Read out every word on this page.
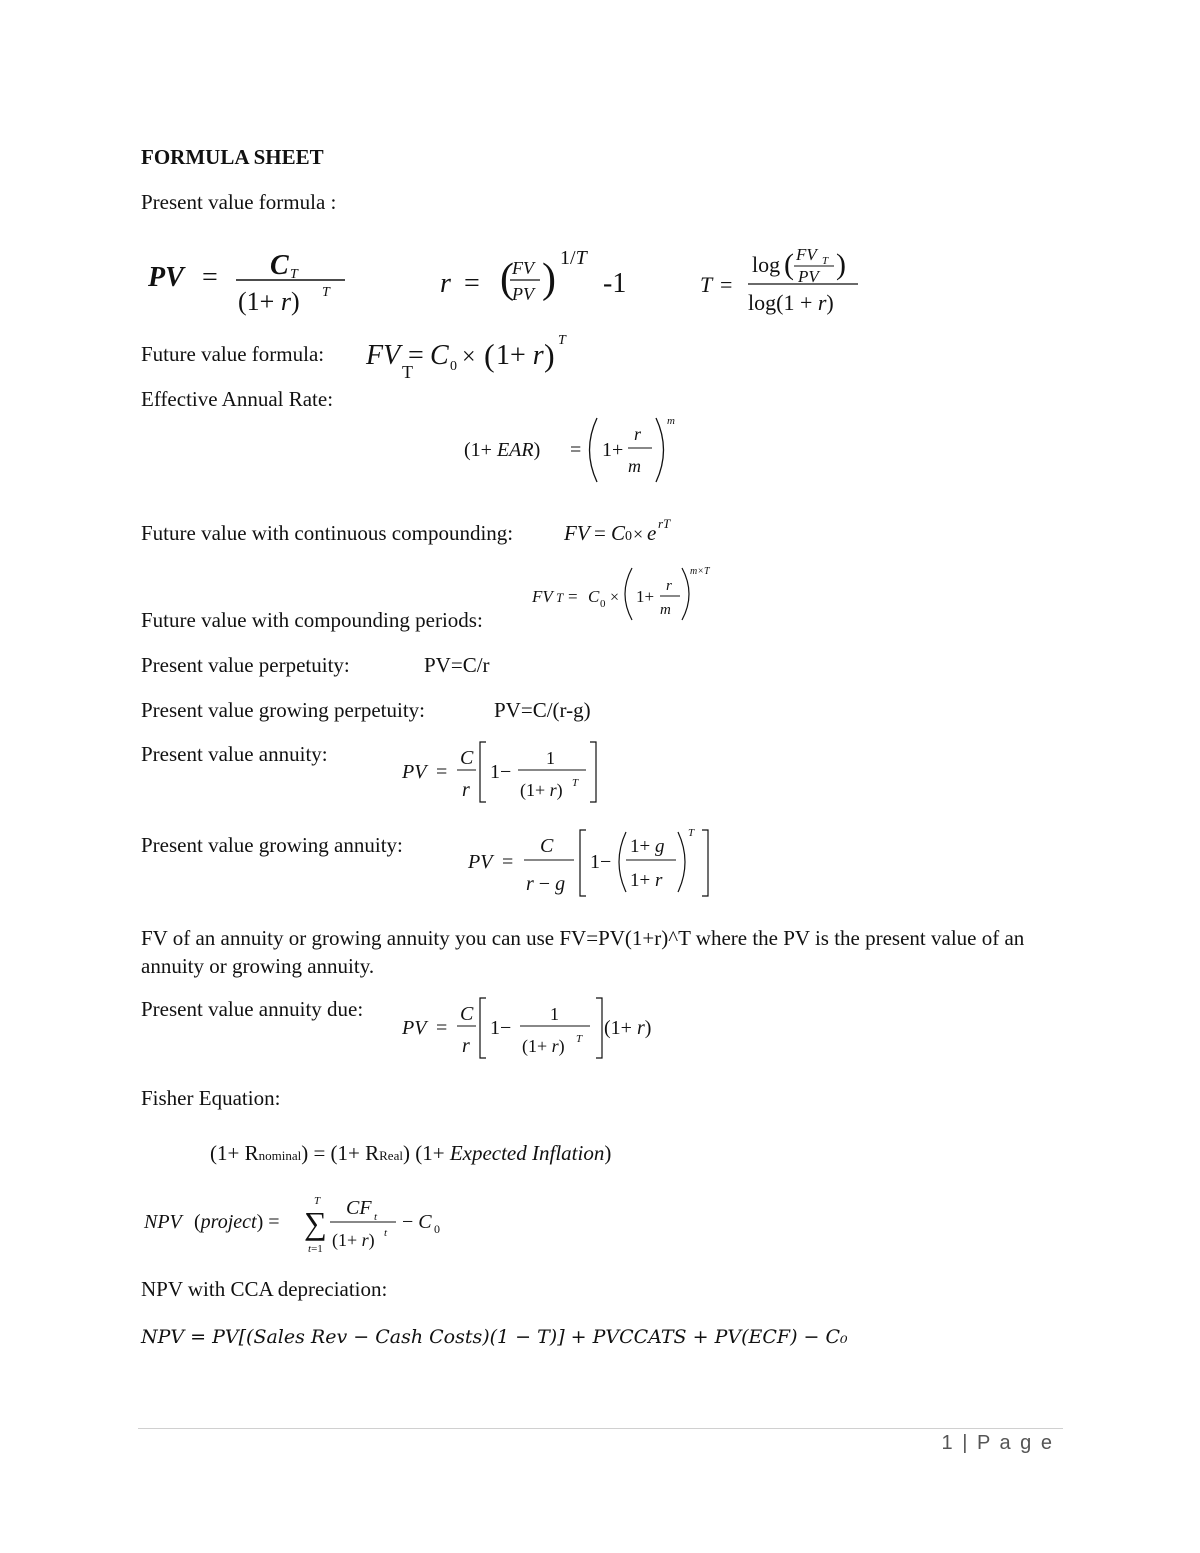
FORMULA SHEET
Present value formula :
PV = C T
(1+ r) T	r = (
FV
PV ) 1/T
-1	T =
log ( FV T
PV )
log(1 + r)
Future value formula: FV
T
= C 0 × ( 1+ r ) T
Effective Annual Rate:
(1+ EAR) = 1+
r
m
m
Future value with continuous compounding: FV = C 0 × e rT
FV T = C 0 × 1+
r
m
m×T
Future value with compounding periods:
Present value perpetuity:	PV=C/r
Present value growing perpetuity:	PV=C/(r-g)
Present value annuity:
PV =
C
r
1−
1
(1+ r) T
Present value growing annuity:
PV =
C
r − g
1−
1+ g
1+ r
T
FV of an annuity or growing annuity you can use FV=PV(1+r)^T where the PV is the present value of an annuity or growing annuity.
Present value annuity due:
PV =
C
r
1−
1
(1+ r) T (1+ r)
Fisher Equation:
(1+ Rnominal) = (1+ RReal) (1+ Expected Inflation)
NPV (project) =
T
∑
t=1
CF t
(1+ r) t − C 0
NPV with CCA depreciation:
NPV = PV[(Sales Rev − Cash Costs)(1 − T)] + PVCCATS + PV(ECF) − C₀
1 | P a g e
